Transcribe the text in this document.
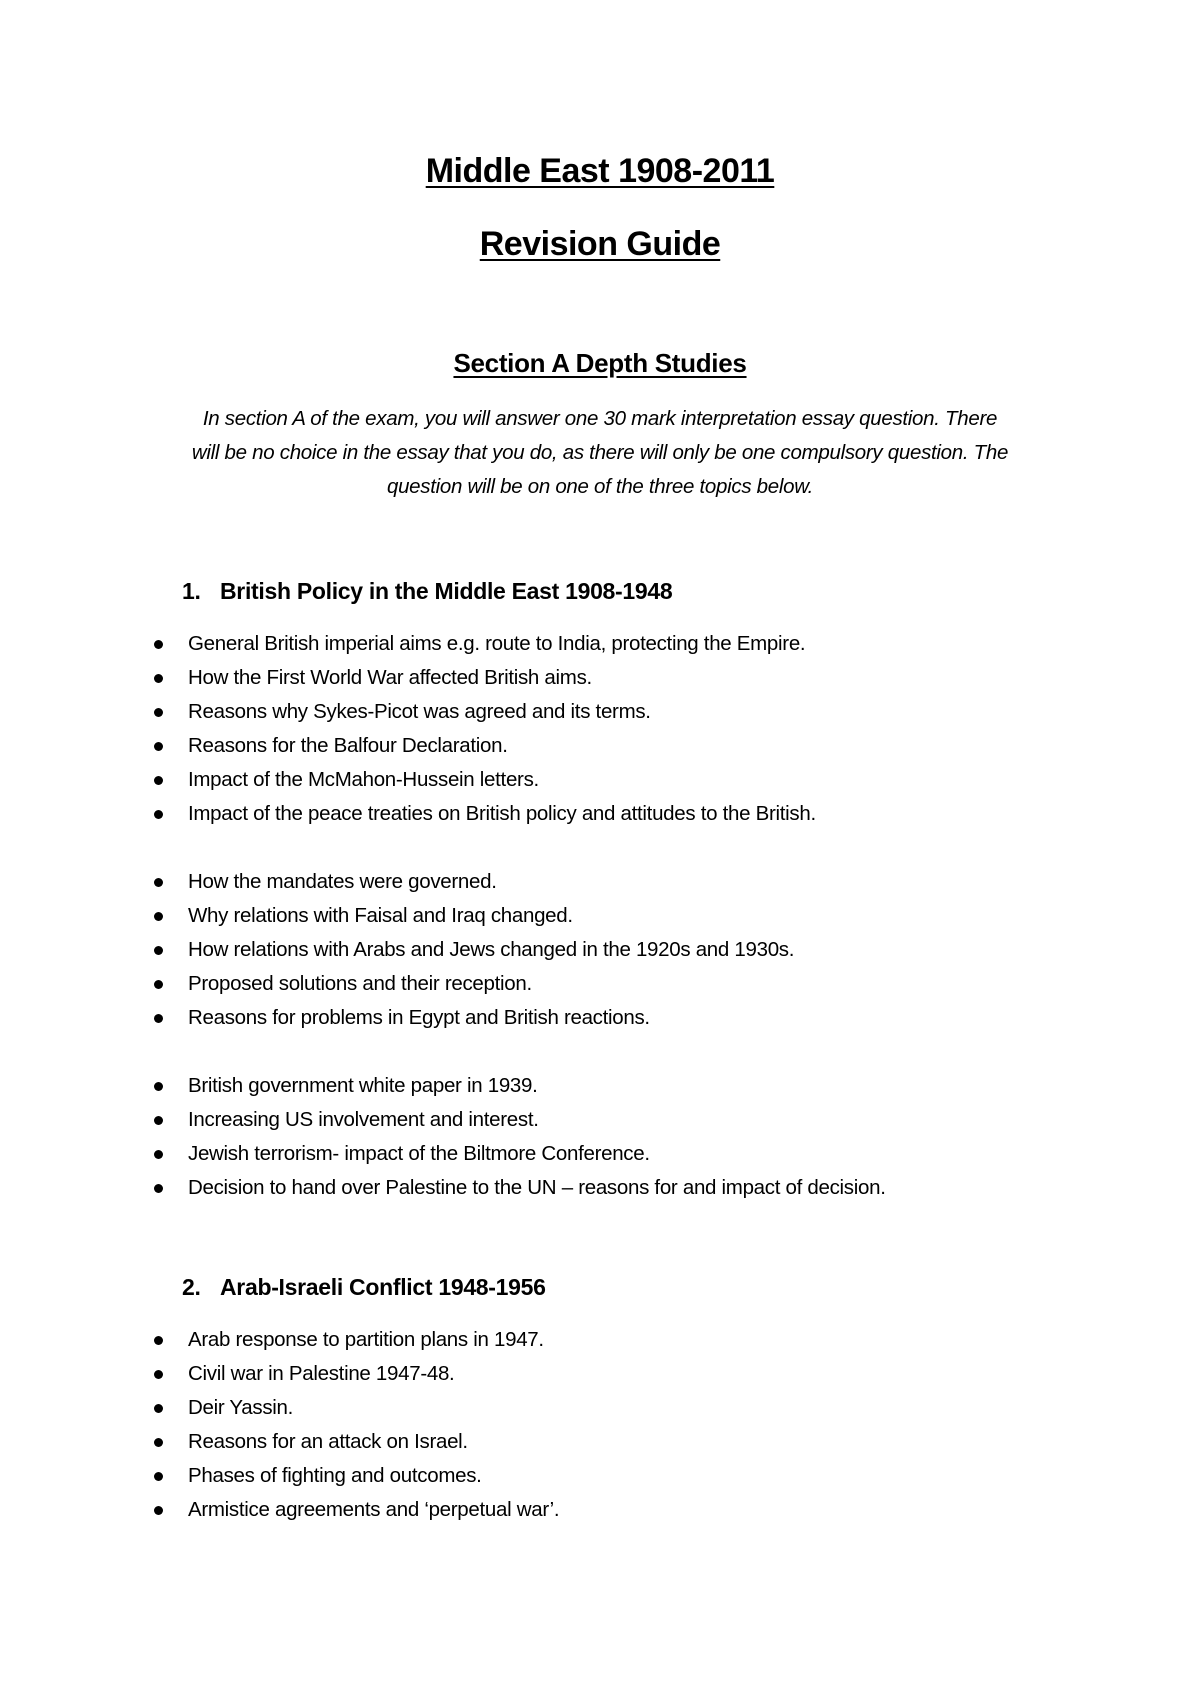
Middle East 1908-2011
Revision Guide
Section A Depth Studies

In section A of the exam, you will answer one 30 mark interpretation essay question. There
will be no choice in the essay that you do, as there will only be one compulsory question. The
question will be on one of the three topics below.

1. British Policy in the Middle East 1908-1948
General British imperial aims e.g. route to India, protecting the Empire.
How the First World War affected British aims.
Reasons why Sykes-Picot was agreed and its terms.
Reasons for the Balfour Declaration.
Impact of the McMahon-Hussein letters.
Impact of the peace treaties on British policy and attitudes to the British.
How the mandates were governed.
Why relations with Faisal and Iraq changed.
How relations with Arabs and Jews changed in the 1920s and 1930s.
Proposed solutions and their reception.
Reasons for problems in Egypt and British reactions.
British government white paper in 1939.
Increasing US involvement and interest.
Jewish terrorism- impact of the Biltmore Conference.
Decision to hand over Palestine to the UN – reasons for and impact of decision.
2. Arab-Israeli Conflict 1948-1956
Arab response to partition plans in 1947.
Civil war in Palestine 1947-48.
Deir Yassin.
Reasons for an attack on Israel.
Phases of fighting and outcomes.
Armistice agreements and ‘perpetual war’.
